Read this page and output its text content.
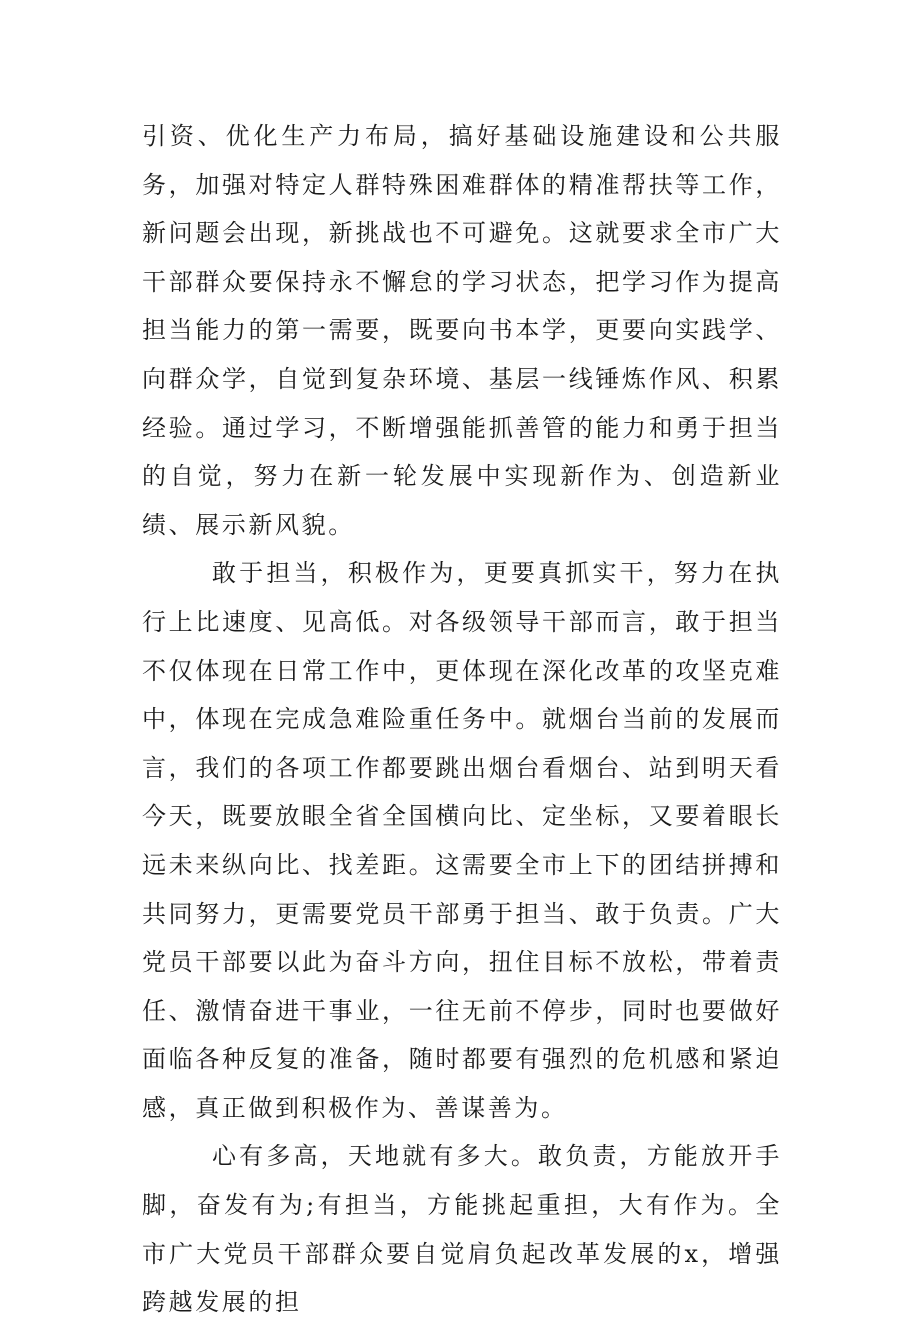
引资、优化生产力布局，搞好基础设施建设和公共服务，加强对特定人群特殊困难群体的精准帮扶等工作，新问题会出现，新挑战也不可避免。这就要求全市广大干部群众要保持永不懈怠的学习状态，把学习作为提高担当能力的第一需要，既要向书本学，更要向实践学、向群众学，自觉到复杂环境、基层一线锤炼作风、积累经验。通过学习，不断增强能抓善管的能力和勇于担当的自觉，努力在新一轮发展中实现新作为、创造新业绩、展示新风貌。

敢于担当，积极作为，更要真抓实干，努力在执行上比速度、见高低。对各级领导干部而言，敢于担当不仅体现在日常工作中，更体现在深化改革的攻坚克难中，体现在完成急难险重任务中。就烟台当前的发展而言，我们的各项工作都要跳出烟台看烟台、站到明天看今天，既要放眼全省全国横向比、定坐标，又要着眼长远未来纵向比、找差距。这需要全市上下的团结拼搏和共同努力，更需要党员干部勇于担当、敢于负责。广大党员干部要以此为奋斗方向，扭住目标不放松，带着责任、激情奋进干事业，一往无前不停步，同时也要做好面临各种反复的准备，随时都要有强烈的危机感和紧迫感，真正做到积极作为、善谋善为。

心有多高，天地就有多大。敢负责，方能放开手脚，奋发有为;有担当，方能挑起重担，大有作为。全市广大党员干部群众要自觉肩负起改革发展的x，增强跨越发展的担
